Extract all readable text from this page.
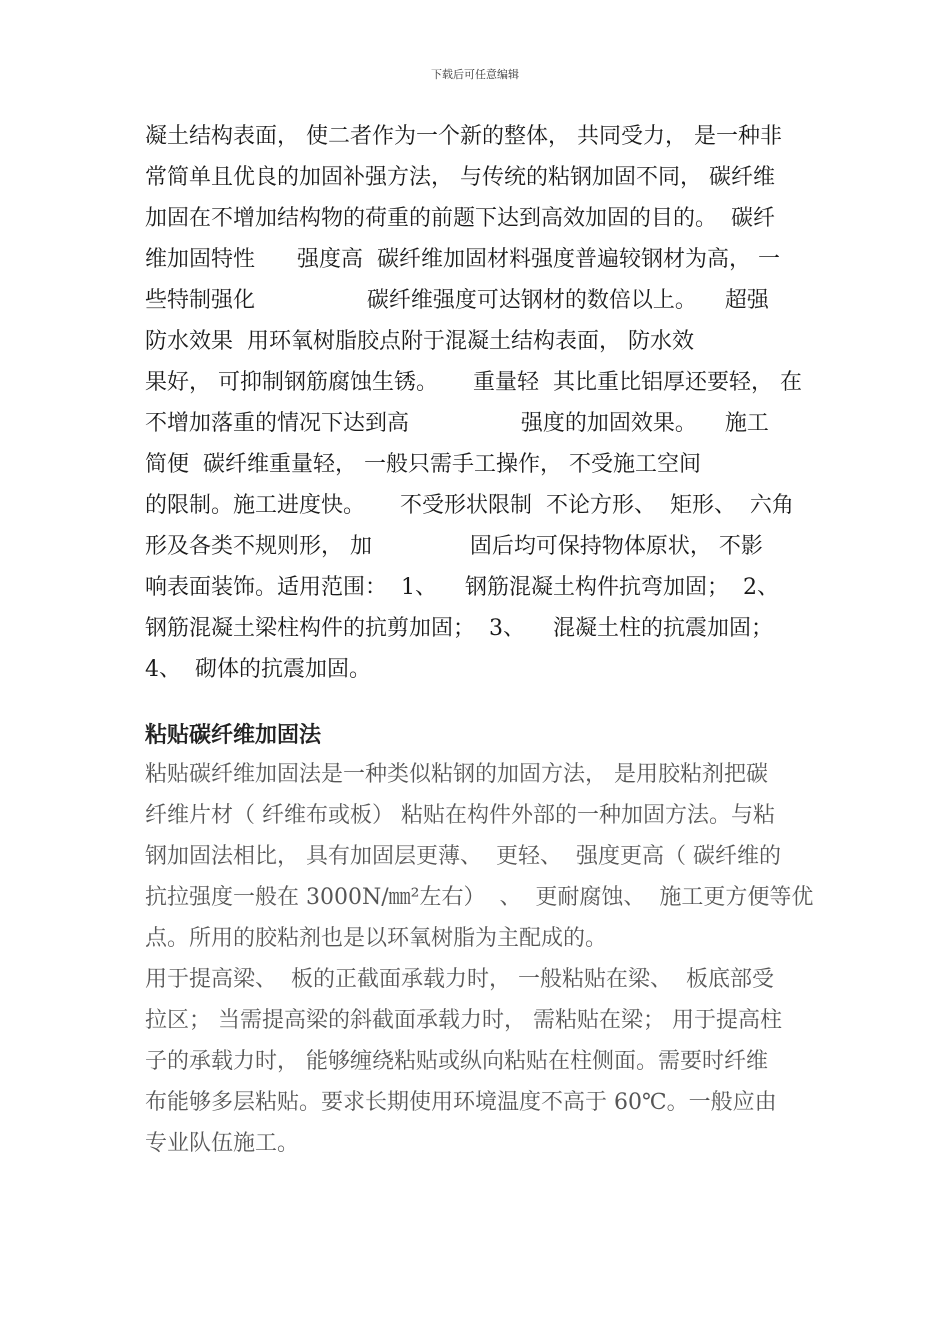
下载后可任意编辑
凝土结构表面， 使二者作为一个新的整体， 共同受力， 是一种非
常简单且优良的加固补强方法， 与传统的粘钢加固不同， 碳纤维
加固在不增加结构物的荷重的前题下达到高效加固的目的。  碳纤
维加固特性      强度高  碳纤维加固材料强度普遍较钢材为高， 一
些特制强化                碳纤维强度可达钢材的数倍以上。    超强
防水效果  用环氧树脂胶点附于混凝土结构表面， 防水效
果好， 可抑制钢筋腐蚀生锈。     重量轻  其比重比铝厚还要轻， 在
不增加落重的情况下达到高                强度的加固效果。    施工
简便  碳纤维重量轻， 一般只需手工操作， 不受施工空间
的限制。施工进度快。     不受形状限制  不论方形、  矩形、  六角
形及各类不规则形， 加              固后均可保持物体原状， 不影
响表面装饰。适用范围：  1、    钢筋混凝土构件抗弯加固；  2、
钢筋混凝土梁柱构件的抗剪加固；  3、    混凝土柱的抗震加固；
4、  砌体的抗震加固。
粘贴碳纤维加固法
粘贴碳纤维加固法是一种类似粘钢的加固方法， 是用胶粘剂把碳
纤维片材（ 纤维布或板） 粘贴在构件外部的一种加固方法。与粘
钢加固法相比， 具有加固层更薄、  更轻、  强度更高（ 碳纤维的
抗拉强度一般在 3000N/㎜²左右）  、  更耐腐蚀、  施工更方便等优
点。所用的胶粘剂也是以环氧树脂为主配成的。
用于提高梁、  板的正截面承载力时， 一般粘贴在梁、  板底部受
拉区； 当需提高梁的斜截面承载力时， 需粘贴在梁； 用于提高柱
子的承载力时， 能够缠绕粘贴或纵向粘贴在柱侧面。需要时纤维
布能够多层粘贴。要求长期使用环境温度不高于 60℃。一般应由
专业队伍施工。
